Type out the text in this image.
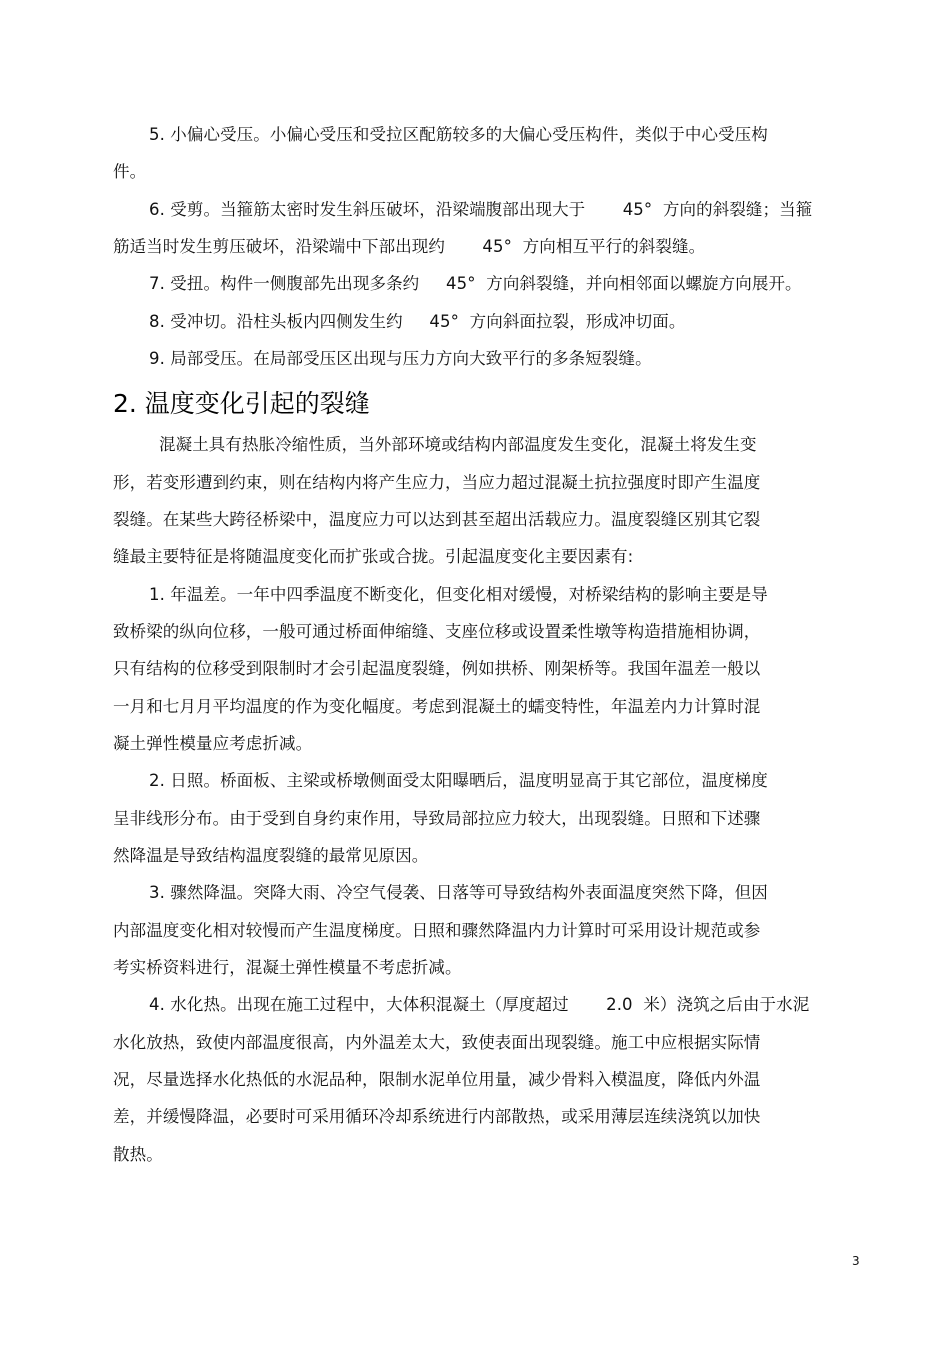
5. 小偏心受压。小偏心受压和受拉区配筋较多的大偏心受压构件，类似于中心受压构
件。
6. 受剪。当箍筋太密时发生斜压破坏，沿梁端腹部出现大于       45°  方向的斜裂缝；当箍
筋适当时发生剪压破坏，沿梁端中下部出现约       45°  方向相互平行的斜裂缝。
7. 受扭。构件一侧腹部先出现多条约     45°  方向斜裂缝，并向相邻面以螺旋方向展开。
8. 受冲切。沿柱头板内四侧发生约     45°  方向斜面拉裂，形成冲切面。
9. 局部受压。在局部受压区出现与压力方向大致平行的多条短裂缝。
2. 温度变化引起的裂缝
混凝土具有热胀冷缩性质，当外部环境或结构内部温度发生变化，混凝土将发生变
形，若变形遭到约束，则在结构内将产生应力，当应力超过混凝土抗拉强度时即产生温度
裂缝。在某些大跨径桥梁中，温度应力可以达到甚至超出活载应力。温度裂缝区别其它裂
缝最主要特征是将随温度变化而扩张或合拢。引起温度变化主要因素有:
1. 年温差。一年中四季温度不断变化，但变化相对缓慢，对桥梁结构的影响主要是导
致桥梁的纵向位移，一般可通过桥面伸缩缝、支座位移或设置柔性墩等构造措施相协调，
只有结构的位移受到限制时才会引起温度裂缝，例如拱桥、刚架桥等。我国年温差一般以
一月和七月月平均温度的作为变化幅度。考虑到混凝土的蠕变特性，年温差内力计算时混
凝土弹性模量应考虑折减。
2. 日照。桥面板、主梁或桥墩侧面受太阳曝晒后，温度明显高于其它部位，温度梯度
呈非线形分布。由于受到自身约束作用，导致局部拉应力较大，出现裂缝。日照和下述骤
然降温是导致结构温度裂缝的最常见原因。
3. 骤然降温。突降大雨、冷空气侵袭、日落等可导致结构外表面温度突然下降，但因
内部温度变化相对较慢而产生温度梯度。日照和骤然降温内力计算时可采用设计规范或参
考实桥资料进行，混凝土弹性模量不考虑折减。
4. 水化热。出现在施工过程中，大体积混凝土（厚度超过       2.0  米）浇筑之后由于水泥
水化放热，致使内部温度很高，内外温差太大，致使表面出现裂缝。施工中应根据实际情
况，尽量选择水化热低的水泥品种，限制水泥单位用量，减少骨料入模温度，降低内外温
差，并缓慢降温，必要时可采用循环冷却系统进行内部散热，或采用薄层连续浇筑以加快
散热。
3
